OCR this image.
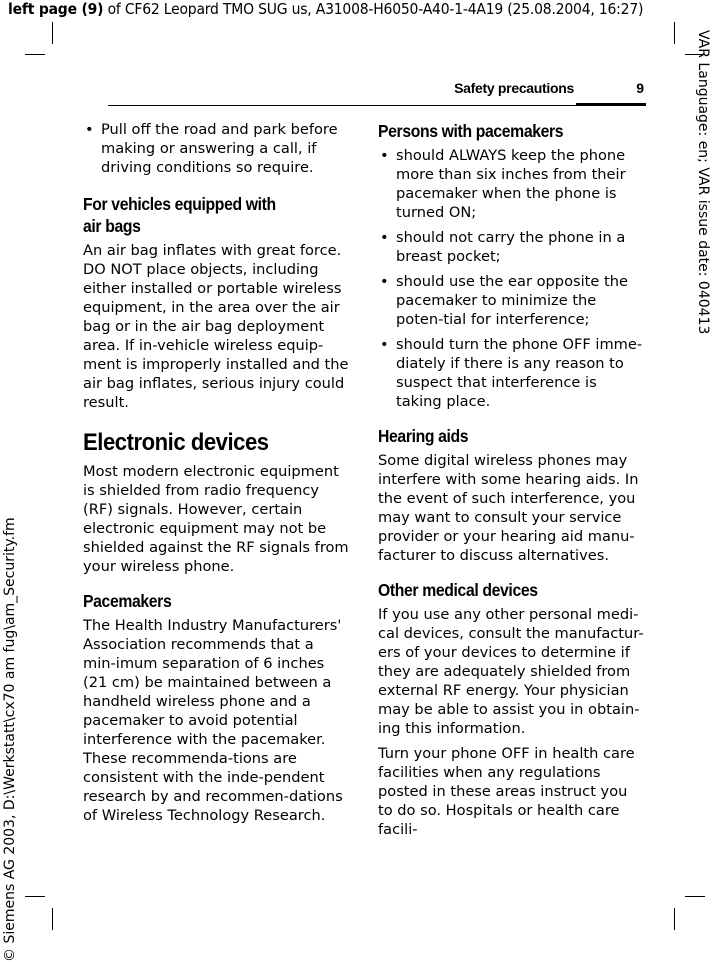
left page (9) of CF62 Leopard TMO SUG us, A31008-H6050-A40-1-4A19 (25.08.2004, 16:27)
Safety precautions	9	VAR Language: en; VAR issue date: 040413
© Siemens AG 2003, D:\Werkstatt\cx70 am fug\am_Security.fm
• Pull off the road and park before making or answering a call, if driving conditions so require.
For vehicles equipped with
air bags

An air bag inflates with great force. DO NOT place objects, including either installed or portable wireless equipment, in the area over the air bag or in the air bag deployment area. If in-vehicle wireless equip-ment is improperly installed and the air bag inflates, serious injury could result.

Electronic devices

Most modern electronic equipment is shielded from radio frequency (RF) signals. However, certain electronic equipment may not be shielded against the RF signals from your wireless phone.

Pacemakers

The Health Industry Manufacturers' Association recommends that a min-imum separation of 6 inches (21 cm) be maintained between a handheld wireless phone and a pacemaker to avoid potential interference with the pacemaker. These recommenda-tions are consistent with the inde-pendent research by and recommen-dations of Wireless Technology Research.

Persons with pacemakers
• should ALWAYS keep the phone more than six inches from their pacemaker when the phone is turned ON;
• should not carry the phone in a breast pocket;
• should use the ear opposite the pacemaker to minimize the poten-tial for interference;
• should turn the phone OFF imme-diately if there is any reason to suspect that interference is taking place.
Hearing aids

Some digital wireless phones may interfere with some hearing aids. In the event of such interference, you may want to consult your service provider or your hearing aid manu-facturer to discuss alternatives.

Other medical devices

If you use any other personal medi-cal devices, consult the manufactur-ers of your devices to determine if they are adequately shielded from external RF energy. Your physician may be able to assist you in obtain-ing this information.

Turn your phone OFF in health care facilities when any regulations posted in these areas instruct you to do so. Hospitals or health care facili-
